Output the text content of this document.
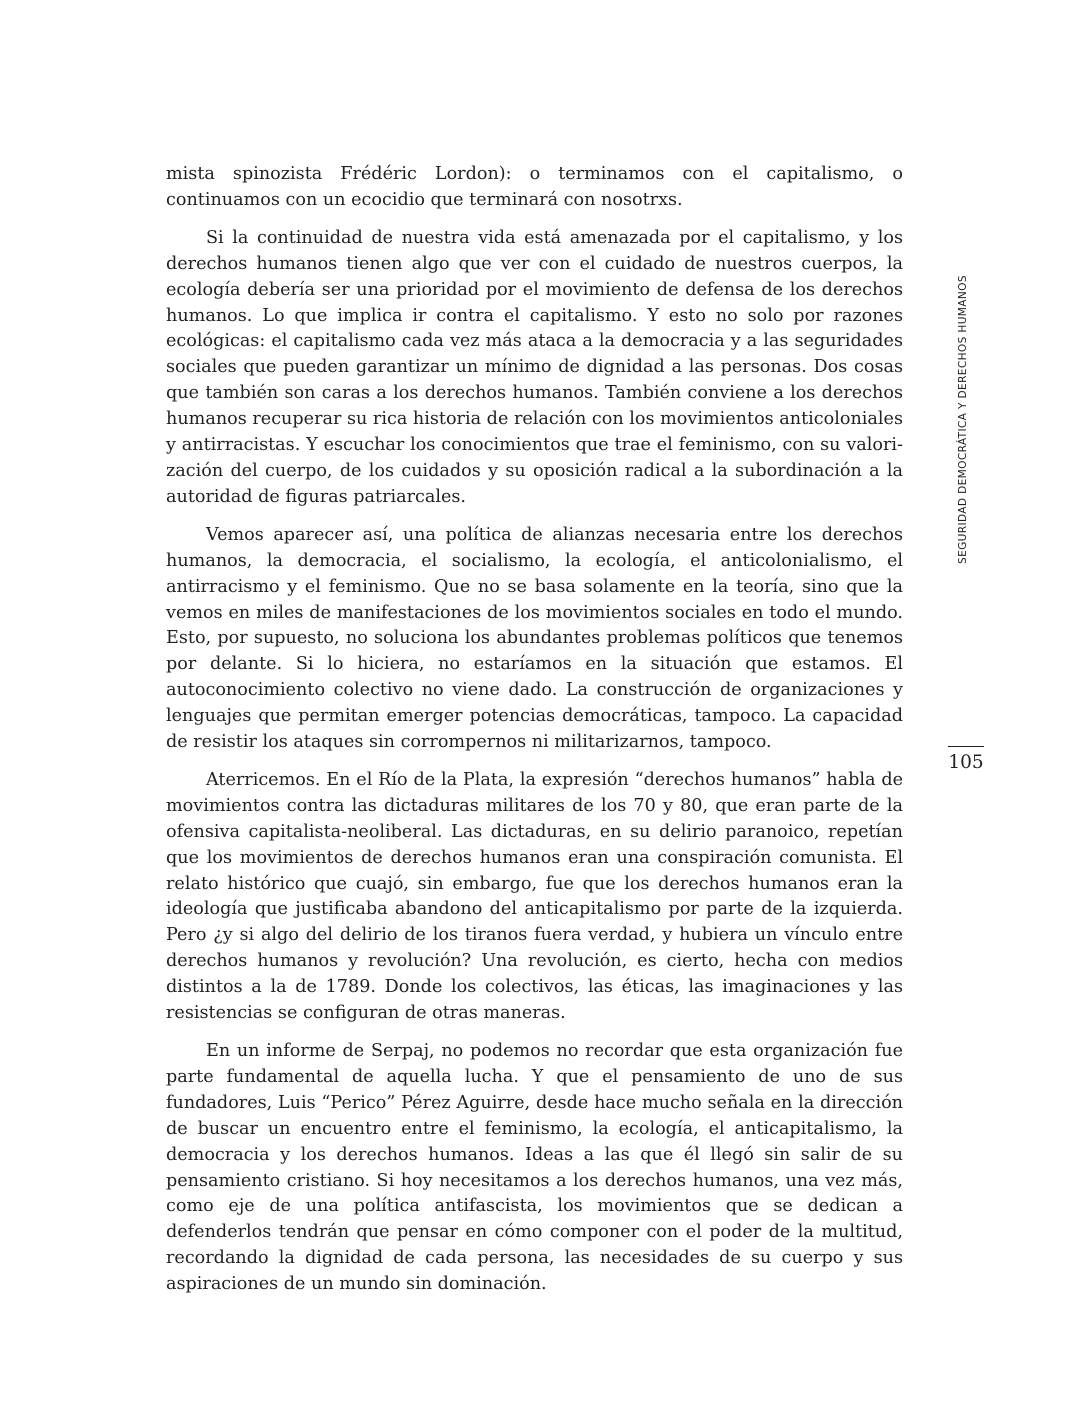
mista spinozista Frédéric Lordon): o terminamos con el capitalismo, o continuamos con un ecocidio que terminará con nosotrxs.

Si la continuidad de nuestra vida está amenazada por el capitalismo, y los derechos humanos tienen algo que ver con el cuidado de nuestros cuerpos, la ecología debería ser una prioridad por el movimiento de defensa de los derechos humanos. Lo que implica ir contra el capitalismo. Y esto no solo por razones ecológicas: el capitalismo cada vez más ataca a la democracia y a las seguridades sociales que pueden garantizar un mínimo de dignidad a las personas. Dos cosas que también son caras a los derechos humanos. También conviene a los derechos humanos recuperar su rica historia de relación con los movimientos anticoloniales y antirracistas. Y escuchar los conocimientos que trae el feminismo, con su valorización del cuerpo, de los cuidados y su oposición radical a la subordinación a la autoridad de figuras patriarcales.

Vemos aparecer así, una política de alianzas necesaria entre los derechos humanos, la democracia, el socialismo, la ecología, el anticolonialismo, el antirracismo y el feminismo. Que no se basa solamente en la teoría, sino que la vemos en miles de manifestaciones de los movimientos sociales en todo el mundo. Esto, por supuesto, no soluciona los abundantes problemas políticos que tenemos por delante. Si lo hiciera, no estaríamos en la situación que estamos. El autoconocimiento colectivo no viene dado. La construcción de organizaciones y lenguajes que permitan emerger potencias democráticas, tampoco. La capacidad de resistir los ataques sin corrompernos ni militarizarnos, tampoco.

Aterricemos. En el Río de la Plata, la expresión “derechos humanos” habla de movimientos contra las dictaduras militares de los 70 y 80, que eran parte de la ofensiva capitalista-neoliberal. Las dictaduras, en su delirio paranoico, repetían que los movimientos de derechos humanos eran una conspiración comunista. El relato histórico que cuajó, sin embargo, fue que los derechos humanos eran la ideología que justificaba abandono del anticapitalismo por parte de la izquierda. Pero ¿y si algo del delirio de los tiranos fuera verdad, y hubiera un vínculo entre derechos humanos y revolución? Una revolución, es cierto, hecha con medios distintos a la de 1789. Donde los colectivos, las éticas, las imaginaciones y las resistencias se configuran de otras maneras.

En un informe de Serpaj, no podemos no recordar que esta organización fue parte fundamental de aquella lucha. Y que el pensamiento de uno de sus fundadores, Luis “Perico” Pérez Aguirre, desde hace mucho señala en la dirección de buscar un encuentro entre el feminismo, la ecología, el anticapitalismo, la democracia y los derechos humanos. Ideas a las que él llegó sin salir de su pensamiento cristiano. Si hoy necesitamos a los derechos humanos, una vez más, como eje de una política antifascista, los movimientos que se dedican a defenderlos tendrán que pensar en cómo componer con el poder de la multitud, recordando la dignidad de cada persona, las necesidades de su cuerpo y sus aspiraciones de un mundo sin dominación.

SEGURIDAD DEMOCRÁTICA Y DERECHOS HUMANOS
105
